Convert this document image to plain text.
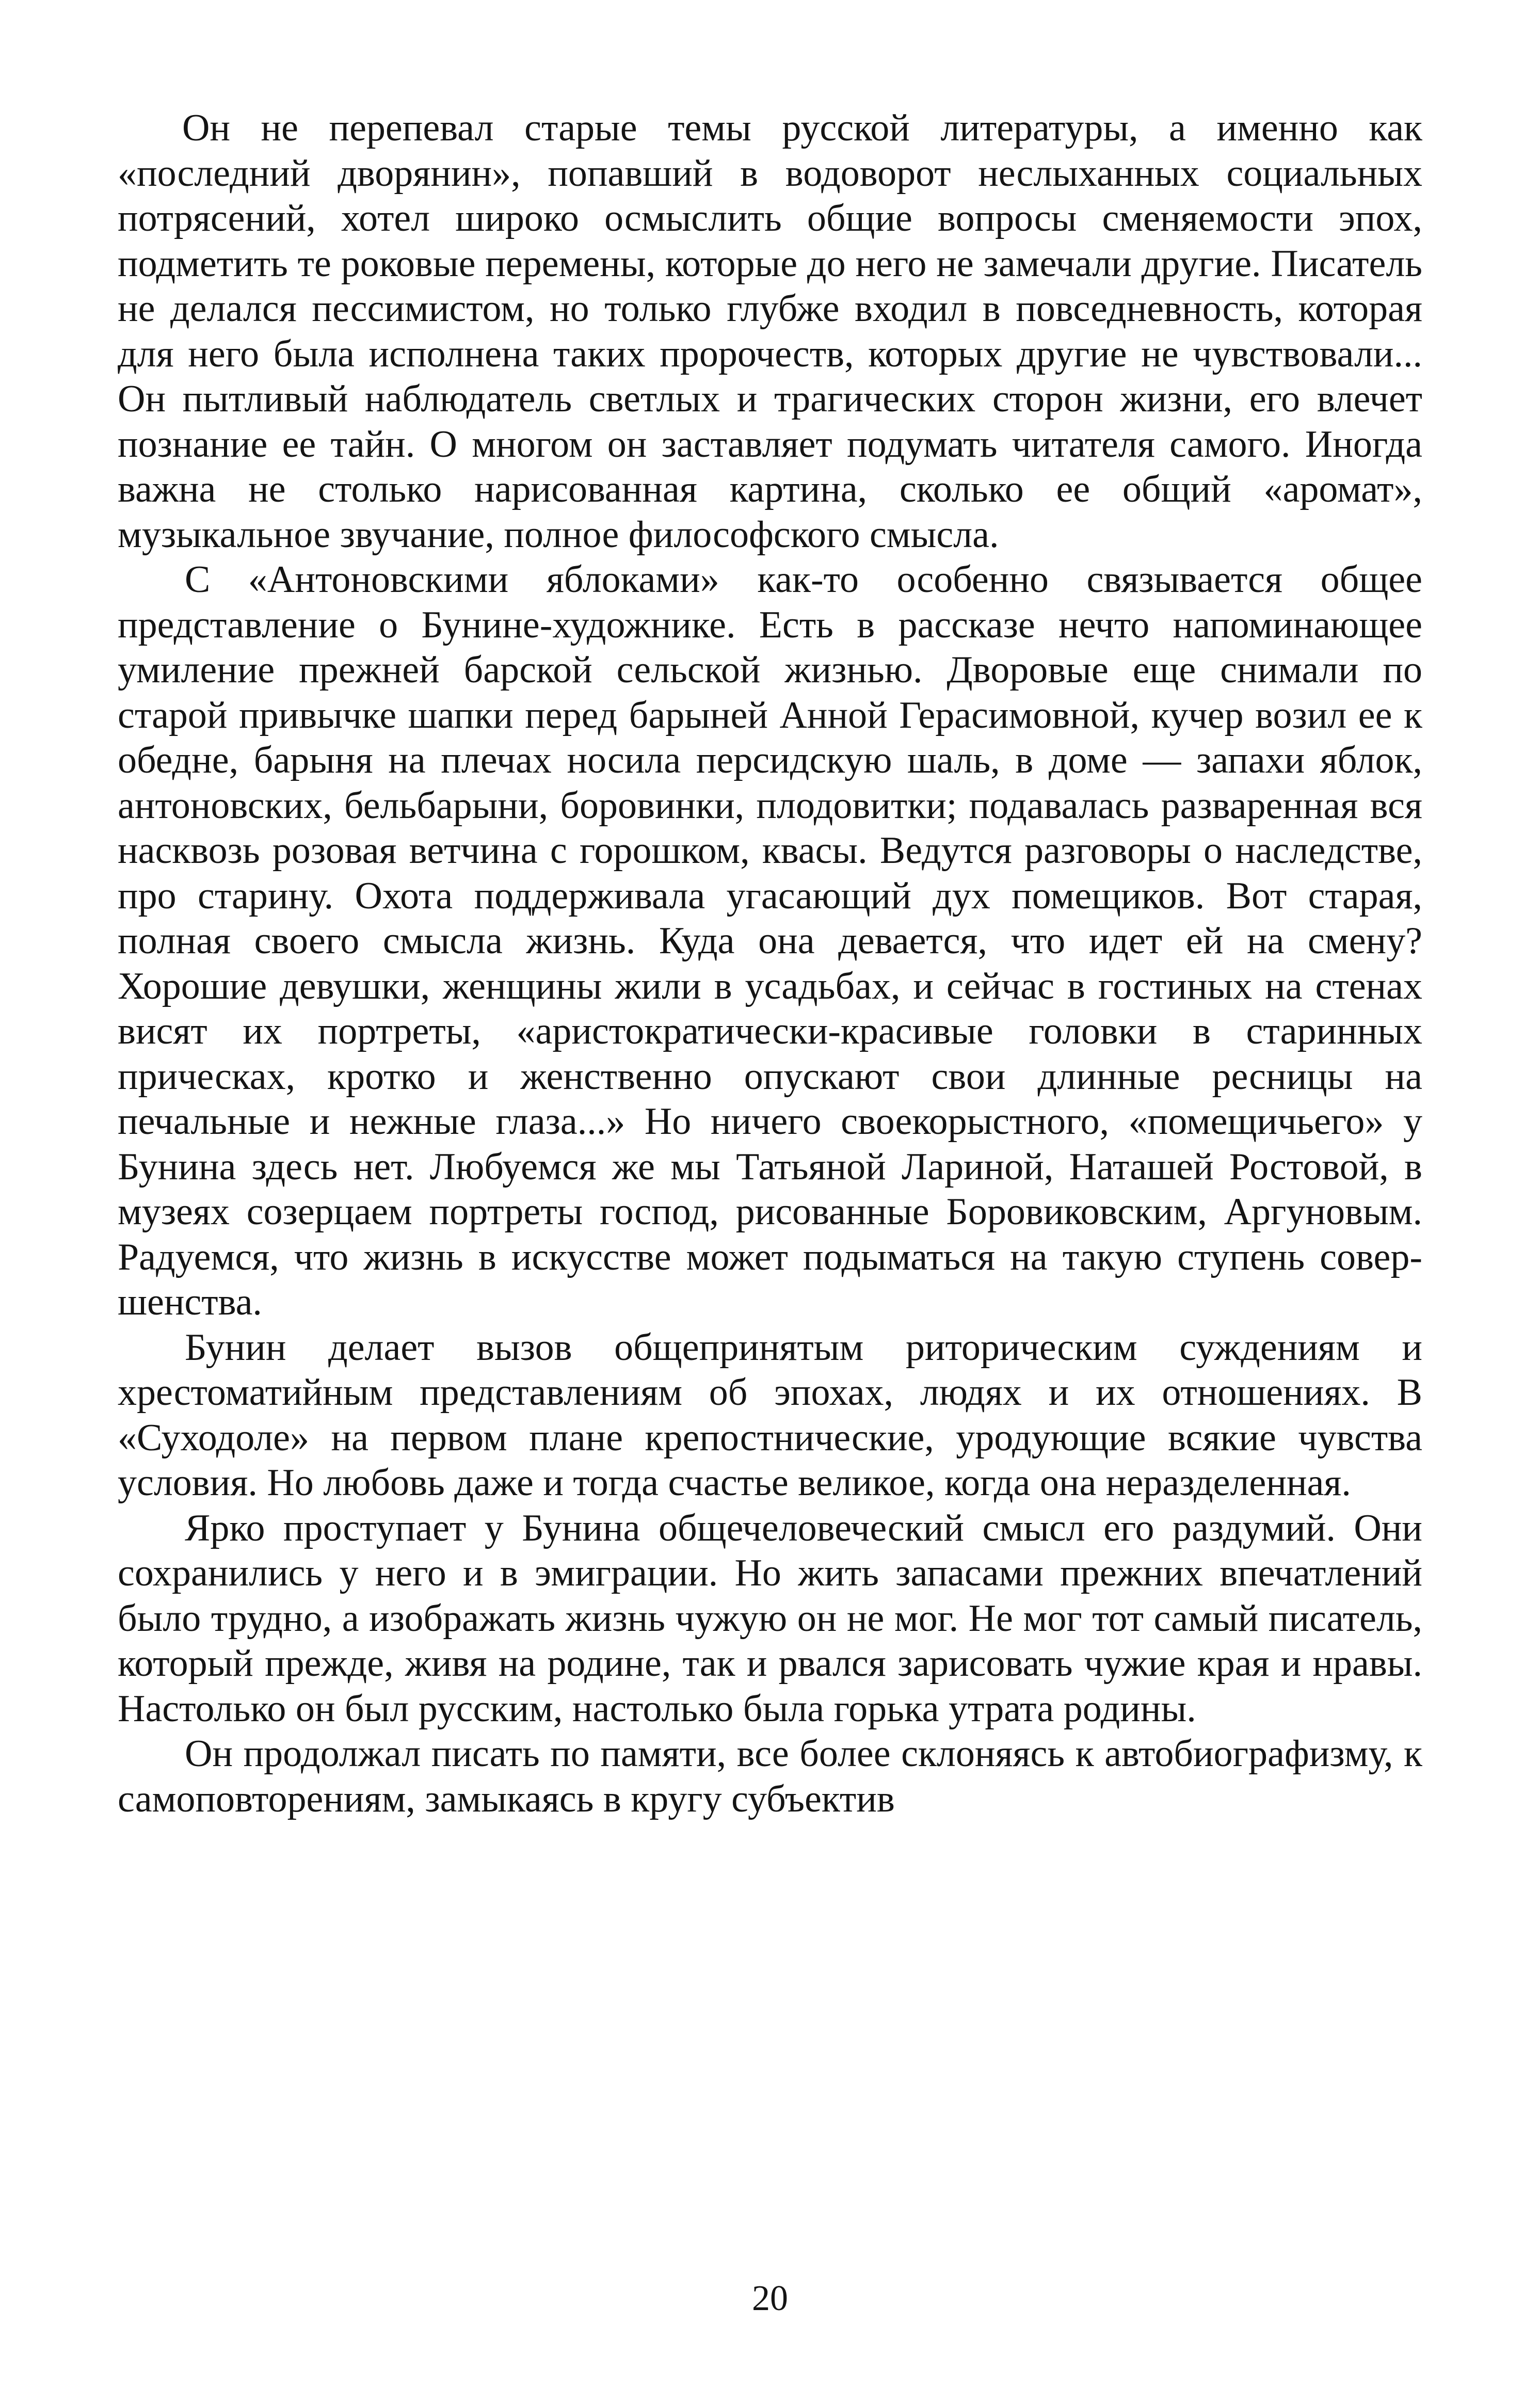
Он не перепевал старые темы русской литературы, а именно как «последний дворянин», попавший в водоворот неслыханных социальных потрясений, хотел широко осмыслить общие вопросы сменяемости эпох, подметить те роковые перемены, которые до него не замечали другие. Писатель не делался пессимистом, но только глубже входил в повседневность, которая для него была исполнена таких пророчеств, которых другие не чувствовали... Он пытливый наблюдатель светлых и трагических сторон жизни, его влечет познание ее тайн. О многом он заставляет подумать читателя самого. Иногда важна не столько нарисованная картина, сколько ее общий «аромат», музыкальное звучание, полное философского смысла.

С «Антоновскими яблоками» как-то особенно связывается общее представление о Бунине-художнике. Есть в рассказе нечто напоминающее умиление прежней барской сельской жизнью. Дворовые еще снимали по старой привычке шапки перед барыней Анной Герасимовной, кучер возил ее к обедне, барыня на плечах носила персидскую шаль, в доме — запахи яблок, антоновских, бельбарыни, боровинки, плодовитки; подавалась разваренная вся насквозь розовая ветчина с горошком, квасы. Ведутся разговоры о наследстве, про старину. Охота поддерживала угасающий дух помещиков. Вот старая, полная своего смысла жизнь. Куда она девается, что идет ей на смену? Хорошие девушки, женщины жили в усадьбах, и сейчас в гостиных на стенах висят их портреты, «аристократически-красивые головки в старинных прическах, кротко и женственно опускают свои длинные ресницы на печальные и нежные глаза...» Но ничего своекорыстного, «помещичьего» у Бунина здесь нет. Любуемся же мы Татьяной Лариной, Наташей Ростовой, в музеях созерцаем портреты господ, рисованные Боровиковским, Аргуновым. Радуемся, что жизнь в искусстве может подыматься на такую ступень совершенства.

Бунин делает вызов общепринятым риторическим суждениям и хрестоматийным представлениям об эпохах, людях и их отношениях. В «Суходоле» на первом плане крепостнические, уродующие всякие чувства условия. Но любовь даже и тогда счастье великое, когда она неразделенная.

Ярко проступает у Бунина общечеловеческий смысл его раздумий. Они сохранились у него и в эмиграции. Но жить запасами прежних впечатлений было трудно, а изображать жизнь чужую он не мог. Не мог тот самый писатель, который прежде, живя на родине, так и рвался зарисовать чужие края и нравы. Настолько он был русским, настолько была горька утрата родины.

Он продолжал писать по памяти, все более склоняясь к автобиографизму, к самоповторениям, замыкаясь в кругу субъектив

20
